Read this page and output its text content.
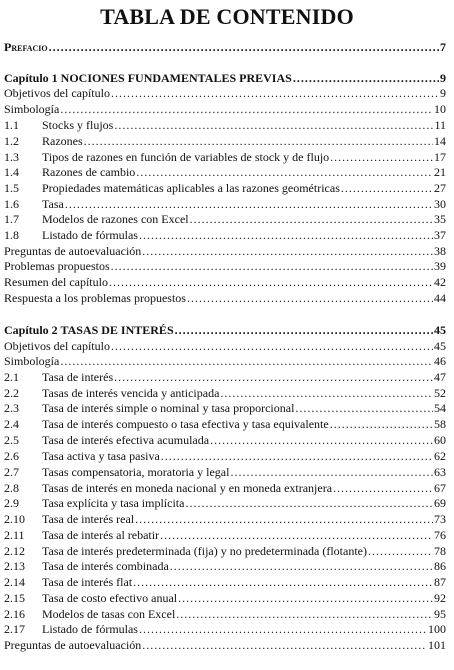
TABLA DE CONTENIDO
Prefacio .....	7
Capítulo 1 NOCIONES FUNDAMENTALES PREVIAS .....	9
Objetivos del capítulo .....	9
Simbología .....	10
1.1	Stocks y flujos .....	11
1.2	Razones .....	14
1.3	Tipos de razones en función de variables de stock y de flujo .....	17
1.4	Razones de cambio .....	21
1.5	Propiedades matemáticas aplicables a las razones geométricas .....	27
1.6	Tasa .....	30
1.7	Modelos de razones con Excel .....	35
1.8	Listado de fórmulas .....	37
Preguntas de autoevaluación .....	38
Problemas propuestos .....	39
Resumen del capítulo .....	42
Respuesta a los problemas propuestos .....	44
Capítulo 2 TASAS DE INTERÉS .....	45
Objetivos del capítulo .....	45
Simbología .....	46
2.1	Tasa de interés .....	47
2.2	Tasas de interés vencida y anticipada .....	52
2.3	Tasa de interés simple o nominal y tasa proporcional .....	54
2.4	Tasa de interés compuesto o tasa efectiva y tasa equivalente .....	58
2.5	Tasa de interés efectiva acumulada .....	60
2.6	Tasa activa y tasa pasiva .....	62
2.7	Tasas compensatoria, moratoria y legal .....	63
2.8	Tasas de interés en moneda nacional y en moneda extranjera .....	67
2.9	Tasa explícita y tasa implícita .....	69
2.10	Tasa de interés real .....	73
2.11	Tasa de interés al rebatir .....	76
2.12	Tasa de interés predeterminada (fija) y no predeterminada (flotante) .....	78
2.13	Tasa de interés combinada .....	86
2.14	Tasa de interés flat .....	87
2.15	Tasa de costo efectivo anual .....	92
2.16	Modelos de tasas con Excel .....	95
2.17	Listado de fórmulas .....	100
Preguntas de autoevaluación .....	101
